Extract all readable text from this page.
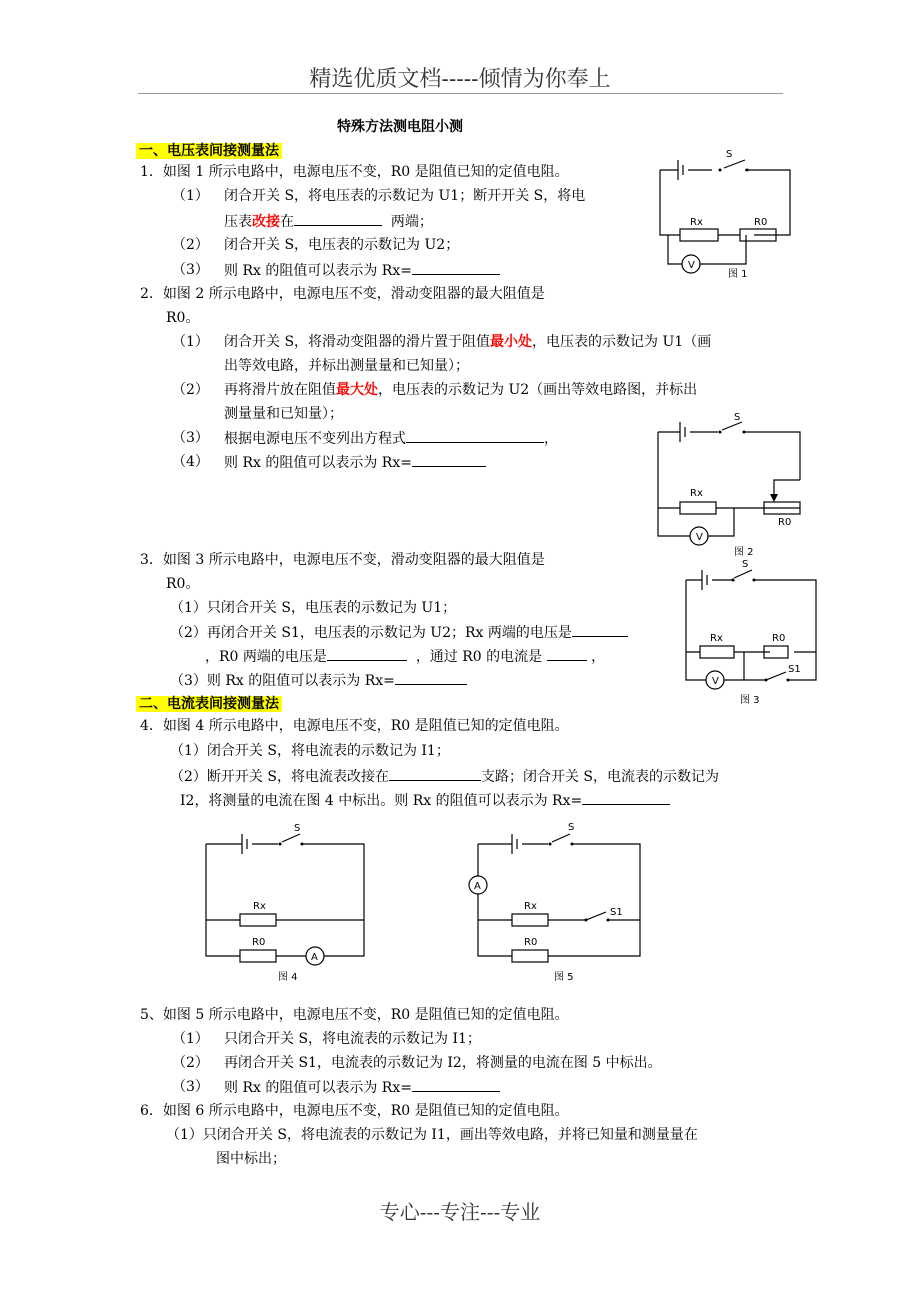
精选优质文档-----倾情为你奉上
特殊方法测电阻小测
一、电压表间接测量法
1．如图 1 所示电路中，电源电压不变，R0 是阻值已知的定值电阻。
（1） 闭合开关 S，将电压表的示数记为 U1；断开开关 S，将电
压表改接在	两端；
（2） 闭合开关 S，电压表的示数记为 U2；
（3） 则 Rx 的阻值可以表示为 Rx=
S
Rx	R0
V
图 1
2．如图 2 所示电路中，电源电压不变，滑动变阻器的最大阻值是
R0。
（1） 闭合开关 S，将滑动变阻器的滑片置于阻值最小处，电压表的示数记为 U1（画
出等效电路，并标出测量量和已知量）；
（2） 再将滑片放在阻值最大处，电压表的示数记为 U2（画出等效电路图，并标出
测量量和已知量）；
（3） 根据电源电压不变列出方程式	，
（4） 则 Rx 的阻值可以表示为 Rx=
S
Rx
R0
V
图 2
3．如图 3 所示电路中，电源电压不变，滑动变阻器的最大阻值是
R0。
（1）只闭合开关 S，电压表的示数记为 U1；
（2）再闭合开关 S1，电压表的示数记为 U2；Rx 两端的电压是
，R0 两端的电压是	，通过 R0 的电流是	，
（3）则 Rx 的阻值可以表示为 Rx=
S
S1
Rx	R0
V
图 3
二、电流表间接测量法
4．如图 4 所示电路中，电源电压不变，R0 是阻值已知的定值电阻。
（1）闭合开关 S，将电流表的示数记为 I1；
（2）断开开关 S，将电流表改接在	支路；闭合开关 S，电流表的示数记为
I2，将测量的电流在图 4 中标出。则 Rx 的阻值可以表示为 Rx=
S
Rx
R0
A
图 4
S
S1
Rx
R0
A
图 5
5、如图 5 所示电路中，电源电压不变，R0 是阻值已知的定值电阻。
（1） 只闭合开关 S，将电流表的示数记为 I1；
（2） 再闭合开关 S1，电流表的示数记为 I2，将测量的电流在图 5 中标出。
（3） 则 Rx 的阻值可以表示为 Rx=
6．如图 6 所示电路中，电源电压不变，R0 是阻值已知的定值电阻。
（1）只闭合开关 S，将电流表的示数记为 I1，画出等效电路，并将已知量和测量量在
图中标出；
专心---专注---专业
